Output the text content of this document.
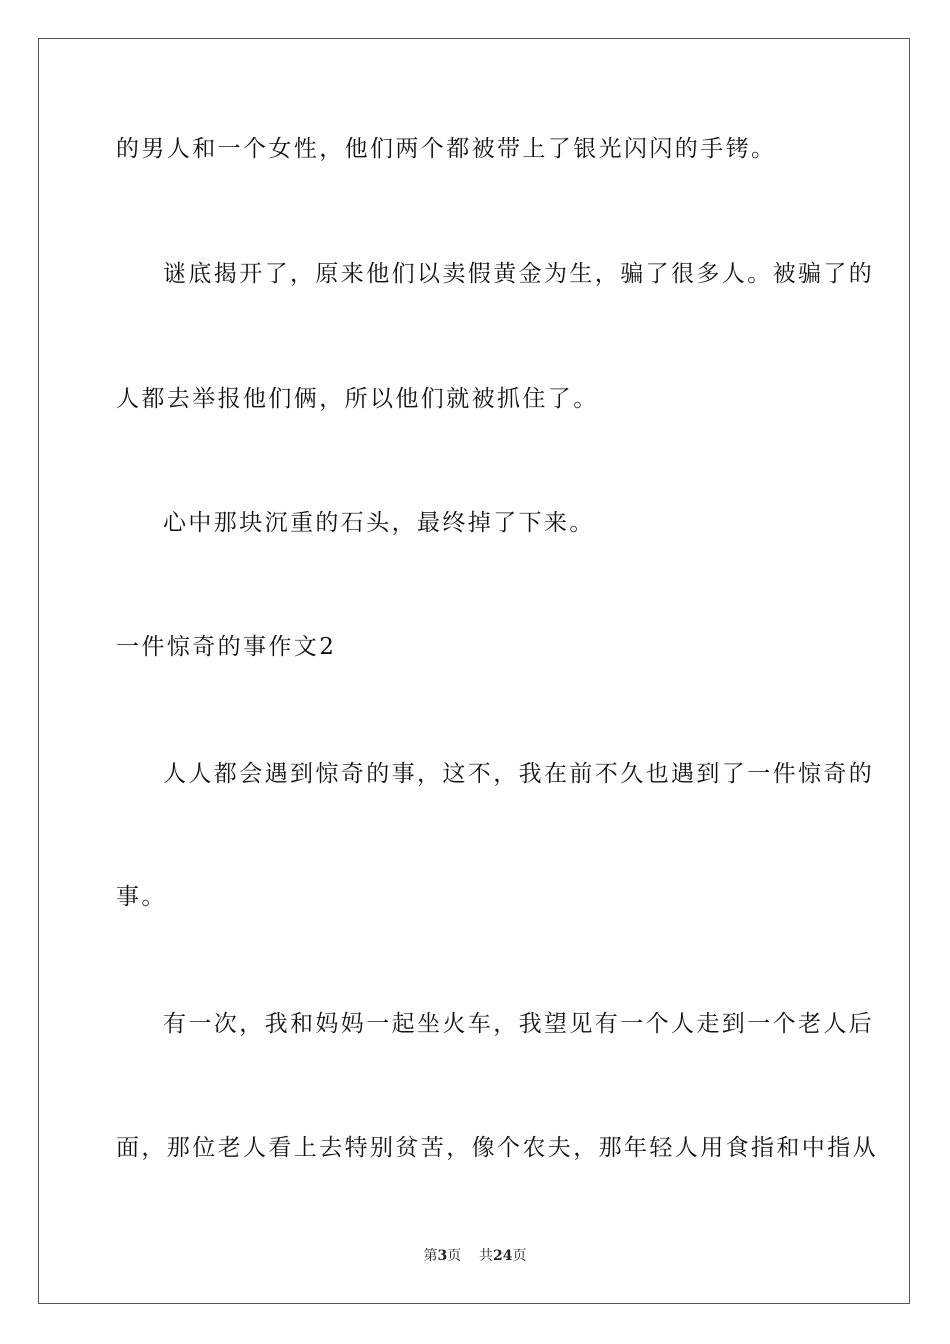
的男人和一个女性，他们两个都被带上了银光闪闪的手铐。
谜底揭开了，原来他们以卖假黄金为生，骗了很多人。被骗了的
人都去举报他们俩，所以他们就被抓住了。
心中那块沉重的石头，最终掉了下来。
一件惊奇的事作文2
人人都会遇到惊奇的事，这不，我在前不久也遇到了一件惊奇的
事。
有一次，我和妈妈一起坐火车，我望见有一个人走到一个老人后
面，那位老人看上去特别贫苦，像个农夫，那年轻人用食指和中指从
第3页 共24页
